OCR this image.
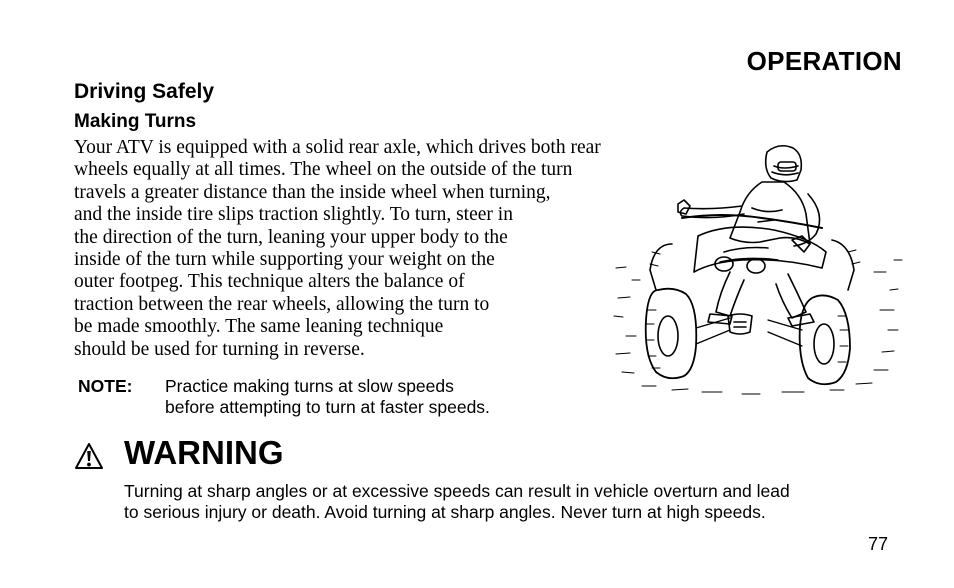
OPERATION
Driving Safely
Making Turns
Your ATV is equipped with a solid rear axle, which drives both rear
wheels equally at all times. The wheel on the outside of the turn
travels a greater distance than the inside wheel when turning,
and the inside tire slips traction slightly. To turn, steer in
the direction of the turn, leaning your upper body to the
inside of the turn while supporting your weight on the
outer footpeg. This technique alters the balance of
traction between the rear wheels, allowing the turn to
be made smoothly. The same leaning technique
should be used for turning in reverse.
NOTE: Practice making turns at slow speeds
before attempting to turn at faster speeds.
WARNING
Turning at sharp angles or at excessive speeds can result in vehicle overturn and lead
to serious injury or death. Avoid turning at sharp angles. Never turn at high speeds.
77
